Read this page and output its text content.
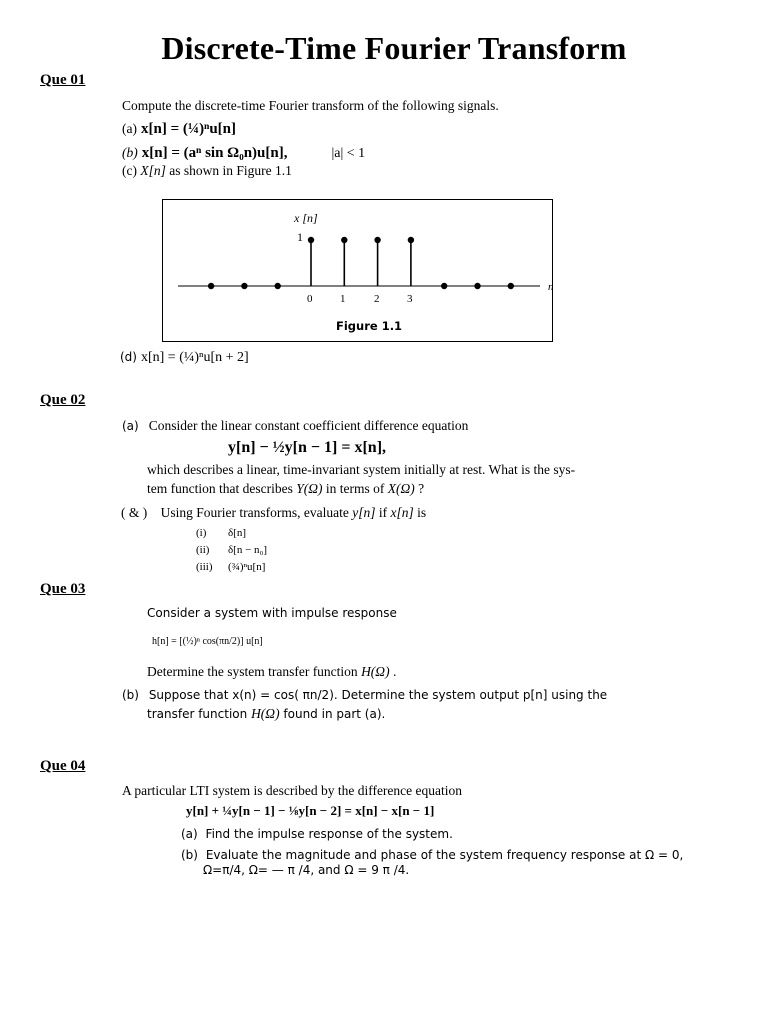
Discrete-Time Fourier Transform
Que 01
Compute the discrete-time Fourier transform of the following signals.
(a) x[n] = (¼)ⁿu[n]
(b) x[n] = (aⁿ sin Ω₀n)u[n],	|a| < 1
(c) X[n] as shown in Figure 1.1
n
x [n]
1
0	1	2	3
Figure 1.1
(d) x[n] = (¼)ⁿu[n + 2]
Que 02
(a) Consider the linear constant coefficient difference equation
y[n] − ½y[n − 1] = x[n],
which describes a linear, time-invariant system initially at rest. What is the sys-
tem function that describes Y(Ω) in terms of X(Ω) ?
( & ) Using Fourier transforms, evaluate y[n] if x[n] is
(i) δ[n]
(ii) δ[n − n₀]
(iii) (¾)ⁿu[n]
Que 03
Consider a system with impulse response
h[n] = [(½)ⁿ cos(πn/2)] u[n]
Determine the system transfer function H(Ω) .
(b) Suppose that x(n) = cos( πn/2). Determine the system output p[n] using the
transfer function H(Ω) found in part (a).
Que 04
A particular LTI system is described by the difference equation
y[n] + ¼y[n − 1] − ⅛y[n − 2] = x[n] − x[n − 1]
(a) Find the impulse response of the system.
(b) Evaluate the magnitude and phase of the system frequency response at Ω = 0,
Ω=π/4, Ω= — π /4, and Ω = 9 π /4.
